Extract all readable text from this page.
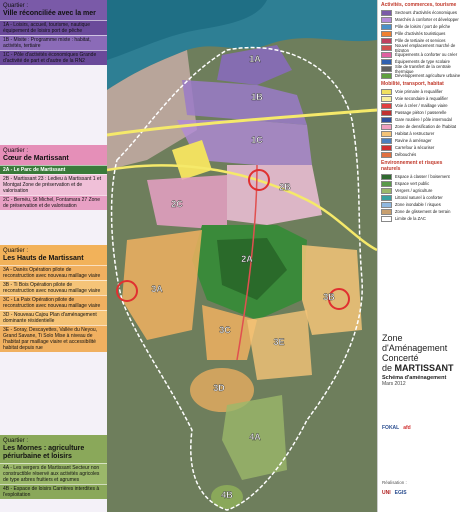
Quartier :
Ville réconciliée avec la mer
1A - Loisirs, accueil, tourisme, nautique équipement de loisirs port de pêche
1B - Mixite : Programme mixte : habitat, activités, tertiaire
1C - Pôle d'activités économiques Grande d'activité de part et d'autre de la RN2
Quartier :
Cœur de Martissant
2A - Le Parc de Martissant
2B - Martissant 23 : Ledieu à Martissant 1 et Montgat Zone de préservation et de valorisation
2C - Bernéu, St Michel, Fontamara 27 Zone de préservation et de valorisation
Quartier :
Les Hauts de Martissant
3A - Danès Opération pilote de reconstruction avec nouveau maillage viaire
3B - Ti Bois Opération pilote de reconstruction avec nouveau maillage viaire
3C - La Paix Opération pilote de reconstruction avec nouveau maillage viaire
3D - Nouveau Cajou Plan d'aménagement dominante résidentielle
3E - Soray, Descayettes, Vallée du Neyou, Grand Savane, Ti Solo Mise à niveau de l'habitat par maillage viaire et accessibilité habitat depuis rue
Quartier :
Les Mornes : agriculture périurbaine et loisirs
4A - Les vergers de Martissant Secteur non constructible réservé aux activités agricoles de type arbres fruitiers et agrumes
4B - Espace de loisirs Carrières interdites à l'exploitation
1A
1B
1C
2A
2B
2C
3A
3B
3C
3D
3E
4A
4B
Activités, commerces, tourisme
Secteurs d'activités économiques
Marchés à conforter et développer
Pôle de loisirs / port de pêche
Pôle d'activités touristiques
Pôle de tertiaire et services
Nouvel emplacement marché de Bizoton
Équipements à conforter ou créer
Équipements de type scolaire
Site de transfert de la centrale thermique
Développement agriculture urbaine
Mobilité, transport, habitat
Voie primaire à requalifier
Voie secondaire à requalifier
Voie à créer / maillage viaire
Passage piéton / passerelle
Gare routière / pôle intermodal
Zone de densification de l'habitat
Habitat à restructurer
Ravine à aménager
Carrefour à sécuriser
Débouchés
Environnement et risques naturels
Espace à classer / boisement
Espace vert public
Vergers / agriculture
Littoral naturel à conforter
Zone inondable / risques
Zone de glissement de terrain
Limite de la ZAC
Zone
d'Aménagement
Concerté
de MARTISSANT
Schéma d'aménagement
Mars 2012
FOKAL afd
Réalisation :
UNI EGIS
